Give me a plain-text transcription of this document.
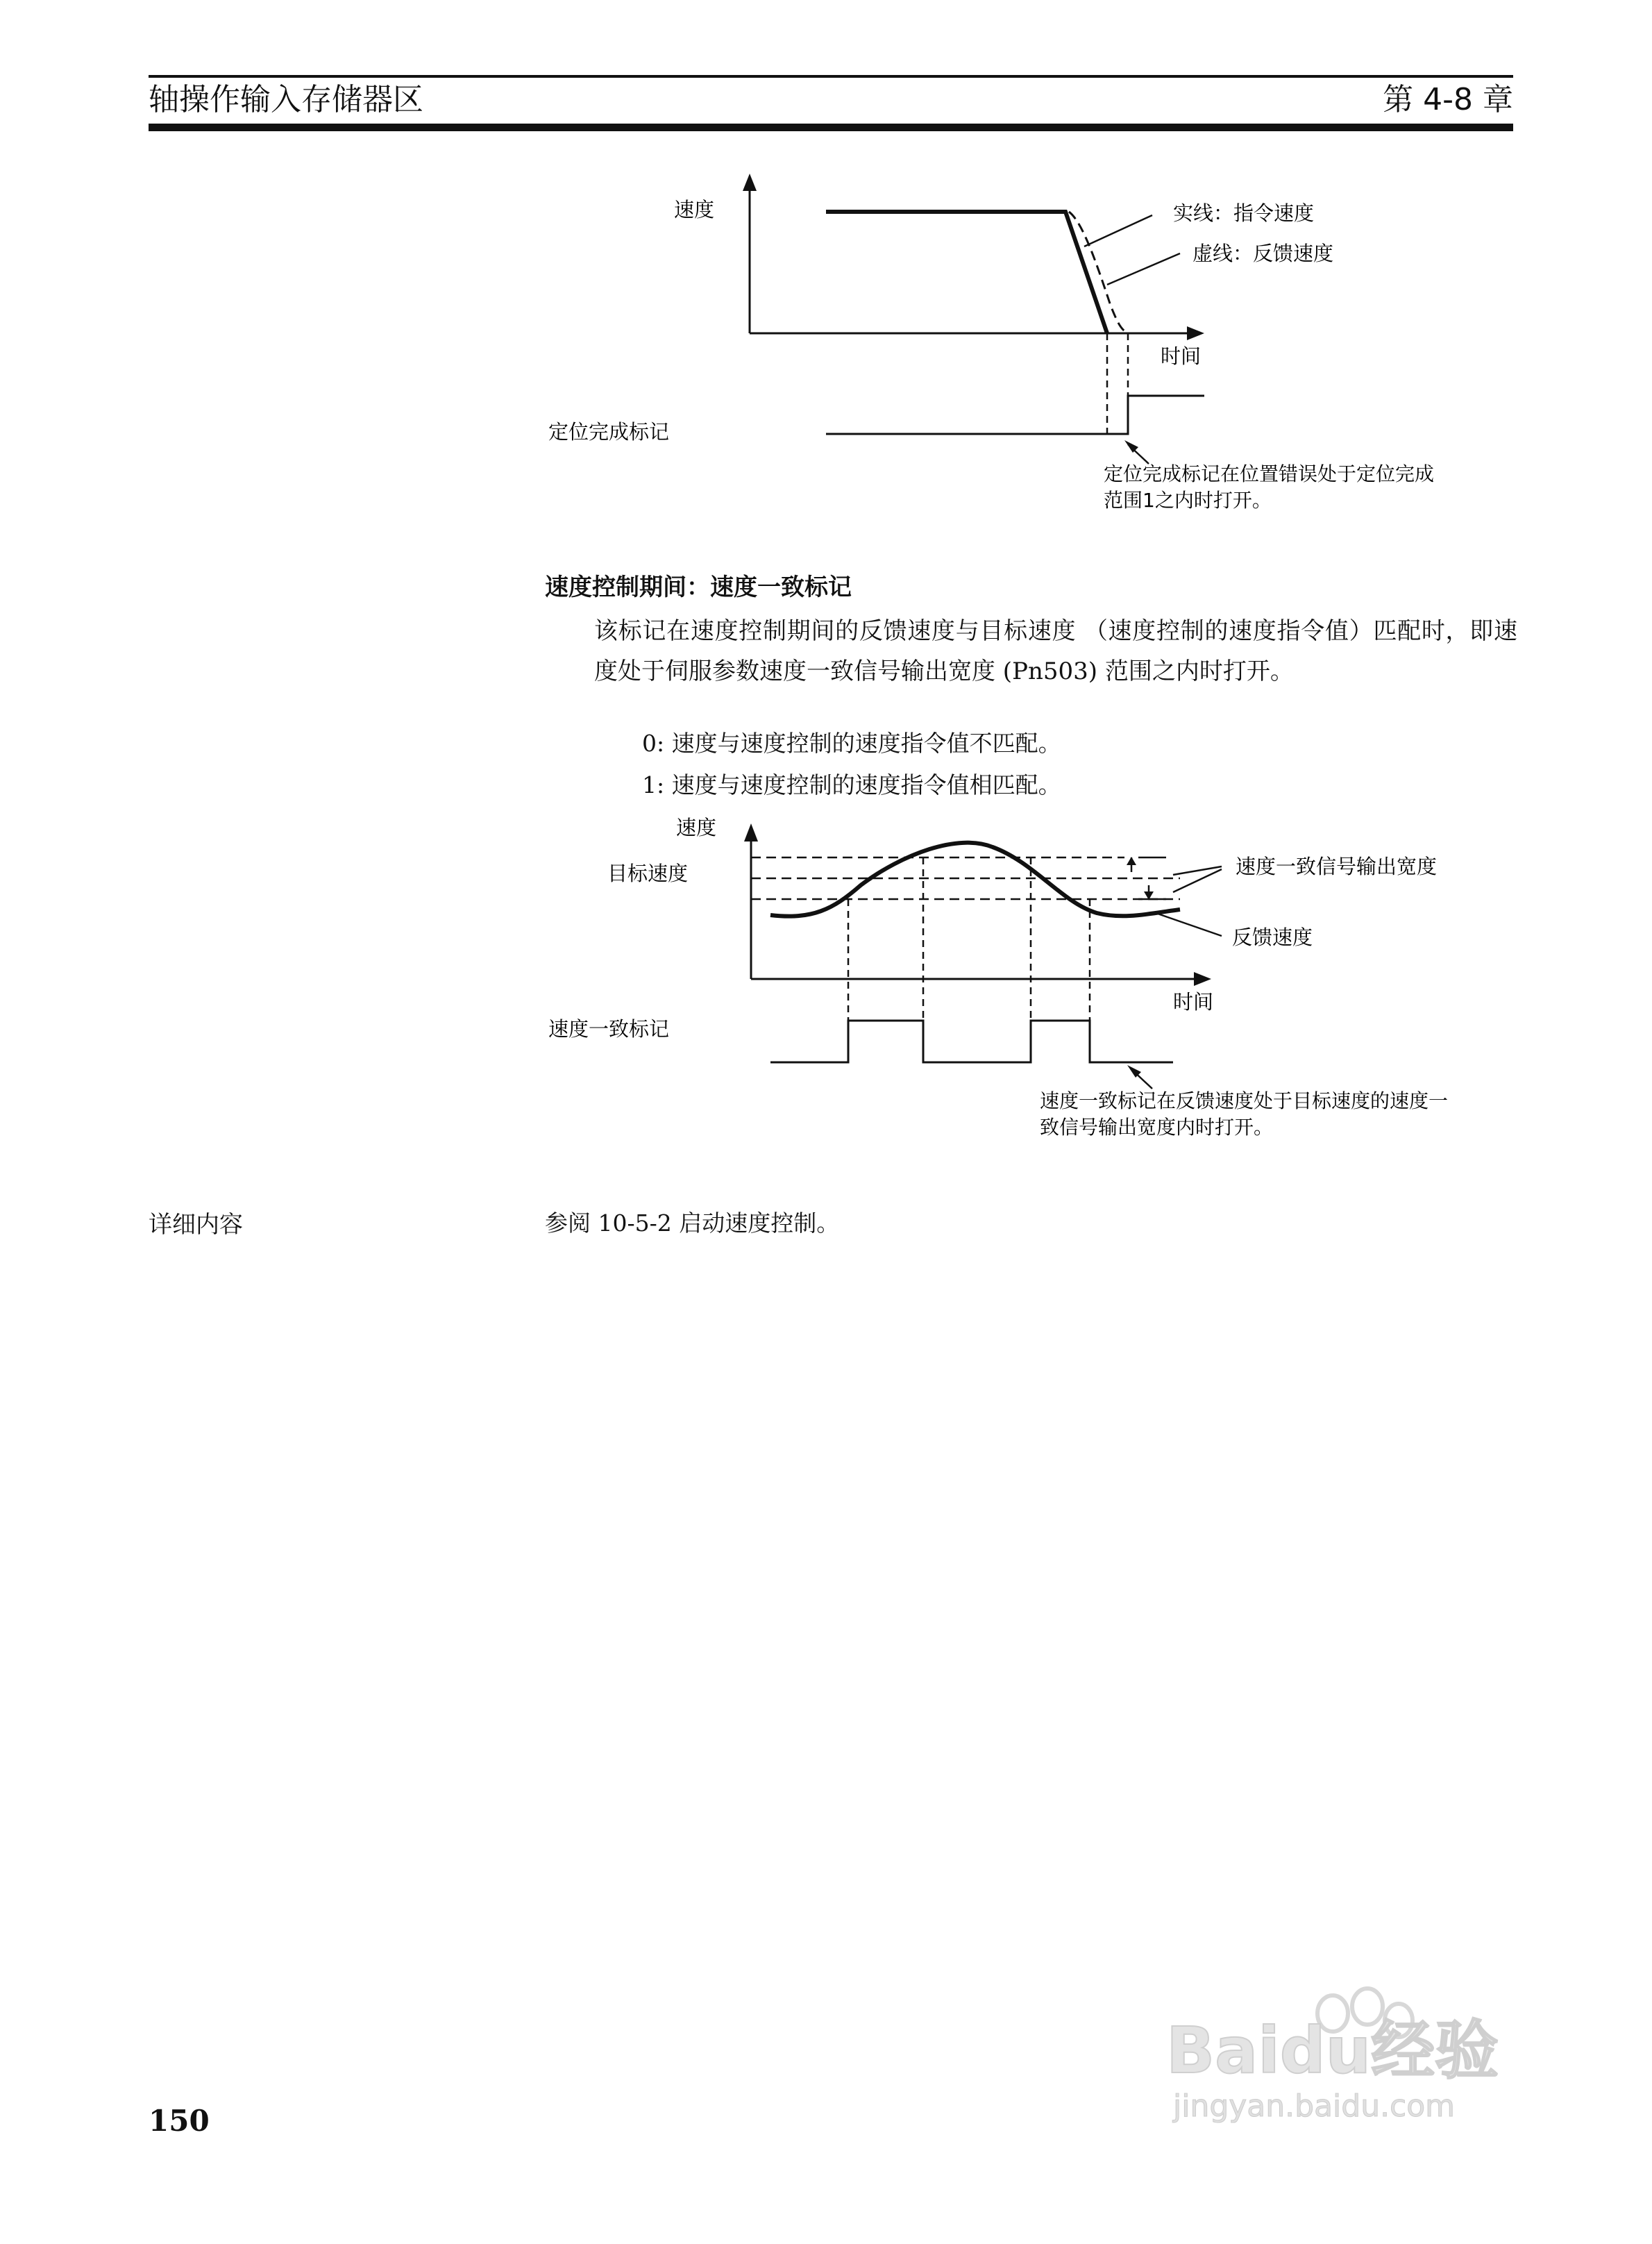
轴操作输入存储器区	第 4-8 章
速度	实线：指令速度
虚线：反馈速度
时间
定位完成标记
定位完成标记在位置错误处于定位完成
范围1之内时打开。
速度控制期间：速度一致标记
该标记在速度控制期间的反馈速度与目标速度 （速度控制的速度指令值）匹配时，即速度处于伺服参数速度一致信号输出宽度 (Pn503) 范围之内时打开。
0: 速度与速度控制的速度指令值不匹配。
1: 速度与速度控制的速度指令值相匹配。
速度
目标速度	速度一致信号输出宽度
反馈速度
时间
速度一致标记
速度一致标记在反馈速度处于目标速度的速度一
致信号输出宽度内时打开。
详细内容	参阅 10-5-2 启动速度控制。
150
Baidu经验
jingyan.baidu.com
